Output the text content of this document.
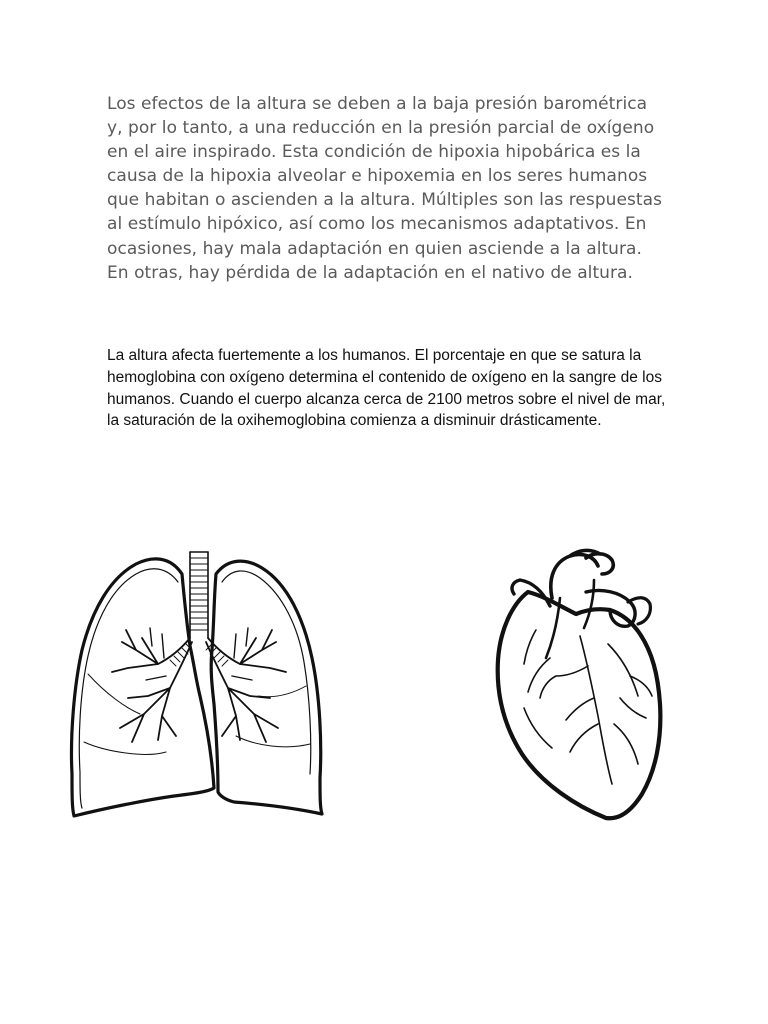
Los efectos de la altura se deben a la baja presión barométrica y, por lo tanto, a una reducción en la presión parcial de oxígeno en el aire inspirado. Esta condición de hipoxia hipobárica es la causa de la hipoxia alveolar e hipoxemia en los seres humanos que habitan o ascienden a la altura. Múltiples son las respuestas al estímulo hipóxico, así como los mecanismos adaptativos. En ocasiones, hay mala adaptación en quien asciende a la altura. En otras, hay pérdida de la adaptación en el nativo de altura.

La altura afecta fuertemente a los humanos. El porcentaje en que se satura la hemoglobina con oxígeno determina el contenido de oxígeno en la sangre de los humanos. Cuando el cuerpo alcanza cerca de 2100 metros sobre el nivel de mar, la saturación de la oxihemoglobina comienza a disminuir drásticamente.
